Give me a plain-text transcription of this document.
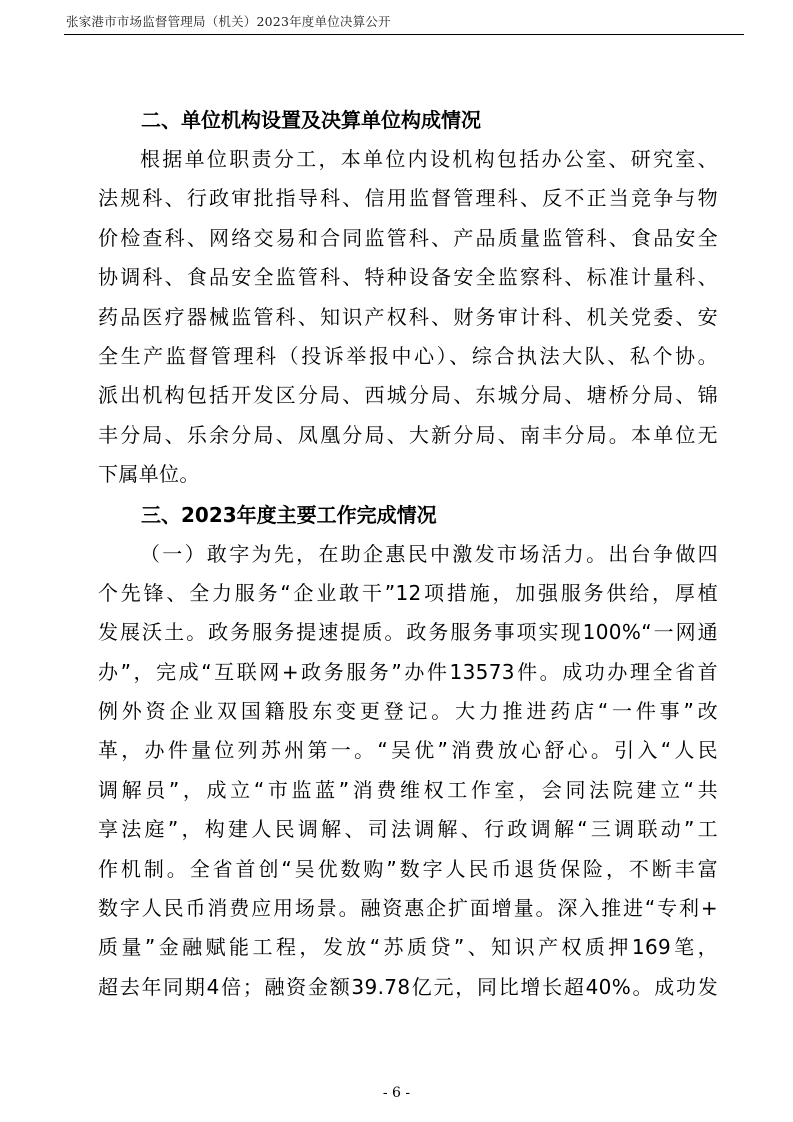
张家港市市场监督管理局（机关）2023年度单位决算公开
二、单位机构设置及决算单位构成情况
根据单位职责分工，本单位内设机构包括办公室、研究室、
法规科、行政审批指导科、信用监督管理科、反不正当竞争与物
价检查科、网络交易和合同监管科、产品质量监管科、食品安全
协调科、食品安全监管科、特种设备安全监察科、标准计量科、
药品医疗器械监管科、知识产权科、财务审计科、机关党委、安
全生产监督管理科（投诉举报中心）、综合执法大队、私个协。
派出机构包括开发区分局、西城分局、东城分局、塘桥分局、锦
丰分局、乐余分局、凤凰分局、大新分局、南丰分局。本单位无
下属单位。
三、2023年度主要工作完成情况
（一）敢字为先，在助企惠民中激发市场活力。出台争做四
个先锋、全力服务“企业敢干”12项措施，加强服务供给，厚植
发展沃土。政务服务提速提质。政务服务事项实现100%“一网通
办”，完成“互联网+政务服务”办件13573件。成功办理全省首
例外资企业双国籍股东变更登记。大力推进药店“一件事”改
革，办件量位列苏州第一。“吴优”消费放心舒心。引入“人民
调解员”，成立“市监蓝”消费维权工作室，会同法院建立“共
享法庭”，构建人民调解、司法调解、行政调解“三调联动”工
作机制。全省首创“吴优数购”数字人民币退货保险，不断丰富
数字人民币消费应用场景。融资惠企扩面增量。深入推进“专利+
质量”金融赋能工程，发放“苏质贷”、知识产权质押169笔，
超去年同期4倍；融资金额39.78亿元，同比增长超40%。成功发
- 6 -
